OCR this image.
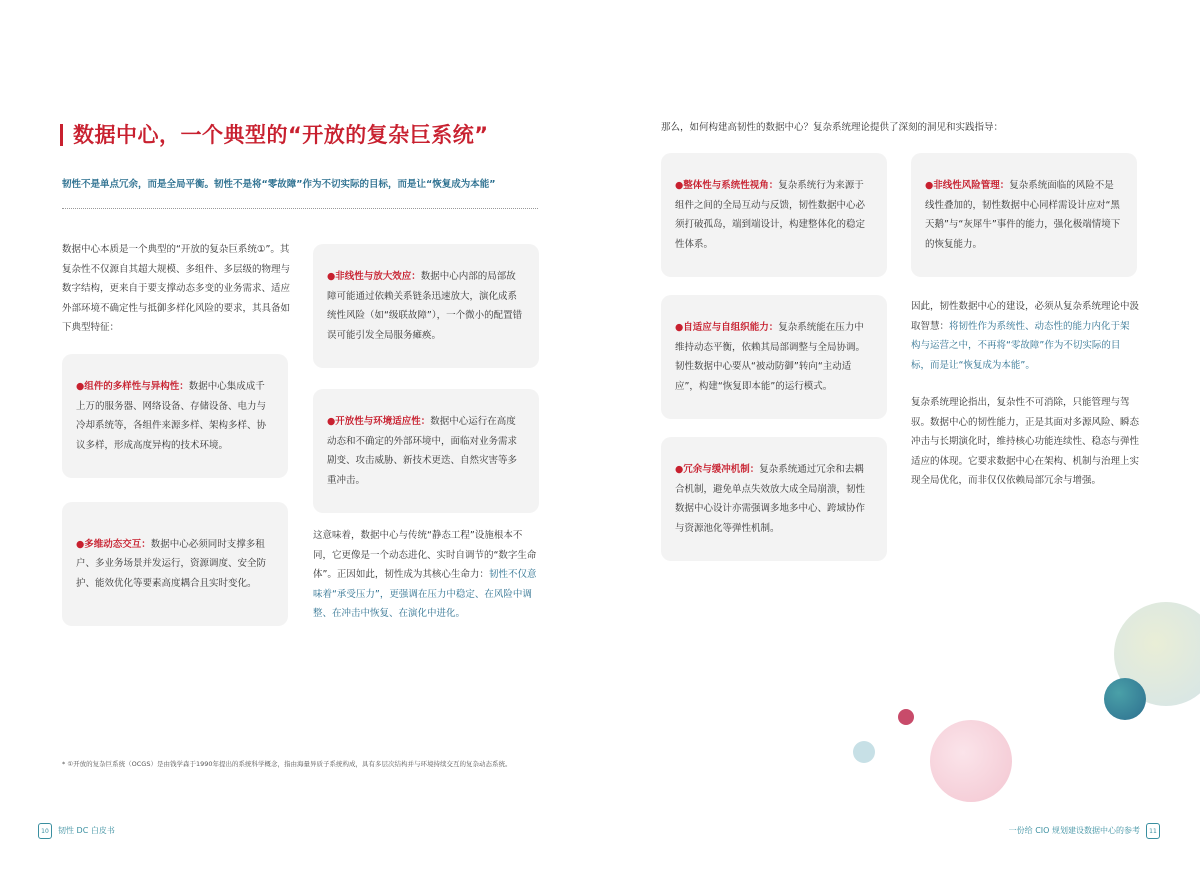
数据中心，一个典型的“开放的复杂巨系统”
韧性不是单点冗余，而是全局平衡。韧性不是将“零故障”作为不切实际的目标，而是让“恢复成为本能”
数据中心本质是一个典型的“开放的复杂巨系统①”。其复杂性不仅源自其超大规模、多组件、多层级的物理与数字结构，更来自于要支撑动态多变的业务需求、适应外部环境不确定性与抵御多样化风险的要求，其具备如下典型特征：
●组件的多样性与异构性：数据中心集成成千上万的服务器、网络设备、存储设备、电力与冷却系统等，各组件来源多样、架构多样、协议多样，形成高度异构的技术环境。
●多维动态交互：数据中心必须同时支撑多租户、多业务场景并发运行，资源调度、安全防护、能效优化等要素高度耦合且实时变化。
●非线性与放大效应：数据中心内部的局部故障可能通过依赖关系链条迅速放大，演化成系统性风险（如“级联故障”），一个微小的配置错误可能引发全局服务瘫痪。
●开放性与环境适应性：数据中心运行在高度动态和不确定的外部环境中，面临对业务需求剧变、攻击威胁、新技术更迭、自然灾害等多重冲击。
这意味着，数据中心与传统“静态工程”设施根本不同，它更像是一个动态进化、实时自调节的“数字生命体”。正因如此，韧性成为其核心生命力：韧性不仅意味着“承受压力”，更强调在压力中稳定、在风险中调整、在冲击中恢复、在演化中进化。
* ①开放的复杂巨系统（OCGS）是由钱学森于1990年提出的系统科学概念，指由海量异质子系统构成，具有多层次结构并与环境持续交互的复杂动态系统。
10	韧性 DC 白皮书
那么，如何构建高韧性的数据中心？复杂系统理论提供了深刻的洞见和实践指导：
●整体性与系统性视角：复杂系统行为来源于组件之间的全局互动与反馈，韧性数据中心必须打破孤岛，端到端设计，构建整体化的稳定性体系。
●自适应与自组织能力：复杂系统能在压力中维持动态平衡，依赖其局部调整与全局协调。韧性数据中心要从“被动防御”转向“主动适应”，构建“恢复即本能”的运行模式。
●冗余与缓冲机制：复杂系统通过冗余和去耦合机制，避免单点失效放大成全局崩溃，韧性数据中心设计亦需强调多地多中心、跨域协作与资源池化等弹性机制。
●非线性风险管理：复杂系统面临的风险不是线性叠加的，韧性数据中心同样需设计应对“黑天鹅”与“灰犀牛”事件的能力，强化极端情境下的恢复能力。
因此，韧性数据中心的建设，必须从复杂系统理论中汲取智慧：将韧性作为系统性、动态性的能力内化于架构与运营之中，不再将“零故障”作为不切实际的目标，而是让“恢复成为本能”。
复杂系统理论指出，复杂性不可消除，只能管理与驾驭。数据中心的韧性能力，正是其面对多源风险、瞬态冲击与长期演化时，维持核心功能连续性、稳态与弹性适应的体现。它要求数据中心在架构、机制与治理上实现全局优化，而非仅仅依赖局部冗余与增强。
一份给 CIO 规划建设数据中心的参考	11
